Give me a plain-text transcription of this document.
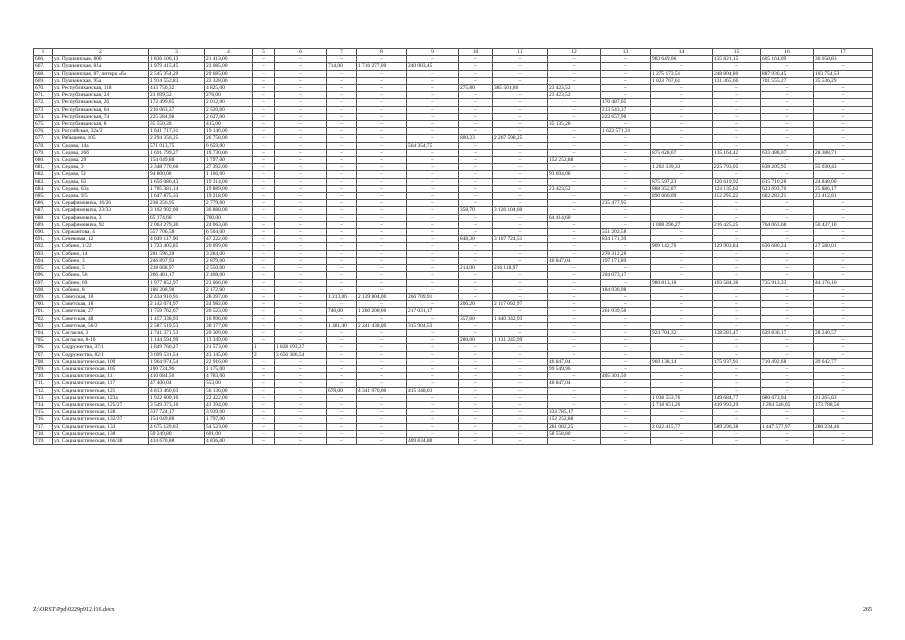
1	2	3	4	5	6	7	8	9	10	11	12	13	14	15	16	17
666.	ул. Пушкинская, 80б	1 836 106,13	21 413,00	–	–	–	–	–	–	–	–	–	983 649,06	135 821,15	605 164,09	30 058,83
667.	ул. Пушкинская, 81а	1 979 415,45	23 085,00	–	–	714,00	1 716 277,00	240 083,45	–	–	–	–	–	–	–	–
668.	ул. Пушкинская, 87, литера «б»	2 545 354,29	29 685,00	–	–	–	–	–	–	–	–	–	1 275 173,51	248 804,80	887 936,45	103 754,53
669.	ул. Пушкинская, 95а	1 914 552,83	22 328,00	–	–	–	–	–	–	–	–	–	1 023 767,61	131 365,66	701 555,27	35 536,29
670.	ул. Республиканская, 118	413 750,32	4 825,00	–	–	–	–	–	275,80	385 501,80	23 423,52	–	–	–	–	–
671.	ул. Республиканская, 24	23 699,52	276,00	–	–	–	–	–	–	–	23 423,52	–	–	–	–	–
672.	ул. Республиканская, 26	172 499,05	2 012,00	–	–	–	–	–	–	–	–	170 487,05	–	–	–	–
673.	ул. Республиканская, 64	216 063,37	2 520,00	–	–	–	–	–	–	–	–	213 543,37	–	–	–	–
674.	ул. Республиканская, 74	225 284,98	2 627,00	–	–	–	–	–	–	–	–	222 657,98	–	–	–	–
675.	ул. Республиканская, 8	35 550,28	415,00	–	–	–	–	–	–	–	35 135,28	–	–	–	–	–
676.	ул. Российская, 32а/2	1 641 717,31	19 146,00	–	–	–	–	–	–	–	–	1 622 571,31	–	–	–	–
677.	ул. Рябышева, 105	2 294 356,25	26 758,00	–	–	–	–	–	800,23	2 267 598,25	–	–	–	–	–	–
678.	ул. Седова, 14а	571 013,75	6 659,00	–	–	–	–	564 354,75	–	–	–	–	–	–	–	–
679.	ул. Седова, 26б	1 691 799,27	19 730,00	–	–	–	–	–	–	–	–	–	875 028,07	135 164,42	633 488,07	28 388,71
680.	ул. Седова, 29	154 049,88	1 797,00	–	–	–	–	–	–	–	152 252,88	–	–	–	–	–
681.	ул. Седова, 3	2 348 770,66	27 392,00	–	–	–	–	–	–	–	–	–	1 202 339,33	225 793,05	838 205,95	55 030,43
682.	ул. Седова, 51	94 800,08	1 106,00	–	–	–	–	–	–	–	93 694,08	–	–	–	–	–
683.	ул. Седова, 63	1 656 080,43	19 314,00	–	–	–	–	–	–	–	–	–	875 597,23	120 619,92	615 710,28	24 848,00
684.	ул. Седова, 63а	1 705 381,14	19 889,00	–	–	–	–	–	–	–	23 423,52	–	888 352,87	124 135,62	623 693,76	25 886,17
685.	ул. Седова, 9/5	1 647 875,33	19 218,00	–	–	–	–	–	–	–	–	–	890 666,09	112 295,22	602 283,21	23 412,81
686.	ул. Серафимовича, 16/26	238 256,95	2 779,00	–	–	–	–	–	–	–	–	235 477,95	–	–	–	–
687.	ул. Серафимовича, 23/33	3 162 992,00	36 888,00	–	–	–	–	–	358,70	3 126 104,00	–	–	–	–	–	–
688.	ул. Серафимовича, 3	65 174,68	760,00	–	–	–	–	–	–	–	64 414,68	–	–	–	–	–
689.	ул. Серафимовича, 92	2 063 279,30	24 063,00	–	–	–	–	–	–	–	–	–	1 008 290,27	216 425,25	764 063,68	50 437,10
690.	ул. Сержантова, 4	557 706,58	6 504,00	–	–	–	–	–	–	–	–	551 202,58	–	–	–	–
691.	ул. Сечевовая, 12	4 049 117,90	47 222,00	–	–	–	–	–	848,30	3 167 724,51	–	834 171,39	–	–	–	–
692.	ул. Собино, 1/22	1 723 405,85	20 099,00	–	–	–	–	–	–	–	–	–	909 142,76	129 903,84	636 680,24	27 580,01
693.	ул. Собино, 14	281 596,28	3 284,00	–	–	–	–	–	–	–	–	278 312,28	–	–	–	–
694.	ул. Собино, 3	246 897,93	2 879,00	–	–	–	–	–	–	–	46 847,04	197 171,89	–	–	–	–
695.	ул. Собино, 5	218 668,97	2 550,00	–	–	–	–	–	214,00	216 118,97	–	–	–	–	–	–
696.	ул. Собино, 56	206 481,17	2 408,00	–	–	–	–	–	–	–	–	204 073,17	–	–	–	–
697.	ул. Собино, 69	1 977 852,97	23 066,00	–	–	–	–	–	–	–	–	–	980 813,18	193 584,36	735 913,33	44 176,10
698.	ул. Собино, 8	186 208,98	2 172,00	–	–	–	–	–	–	–	–	184 036,98	–	–	–	–
699.	ул. Советская, 10	2 434 910,91	28 397,00	–	–	1 213,00	2 139 804,00	266 709,91	–	–	–	–	–	–	–	–
700.	ул. Советская, 18	2 142 074,97	24 982,00	–	–	–	–	–	206,20	2 117 092,97	–	–	–	–	–	–
701.	ул. Советская, 27	1 759 762,67	20 523,00	–	–	740,00	1 260 208,00	217 031,17	–	–	–	261 039,50	–	–	–	–
702.	ул. Советская, 48	1 457 338,93	16 996,00	–	–	–	–	–	357,60	1 440 342,93	–	–	–	–	–	–
703.	ул. Советская, 56/2	2 587 519,53	30 177,00	–	–	1 381,40	2 241 438,00	315 904,53	–	–	–	–	–	–	–	–
704.	ул. Согласия, 3	1 741 371,53	20 309,00	–	–	–	–	–	–	–	–	–	924 704,32	138 281,47	629 836,17	28 240,57
705.	ул. Согласия, 8-10	1 144 594,99	13 349,00	–	–	–	–	–	280,00	1 131 245,99	–	–	–	–	–	–
706.	ул. Содружества, 37/1	1 849 766,27	21 573,00	1	1 828 193,27	–	–	–	–	–	–	–	–	–	–	–
707.	ул. Содружества, 82/1	3 699 531,54	43 145,00	2	3 656 386,54	–	–	–	–	–	–	–	–	–	–	–
708.	ул. Социалистическая, 100	1 964 974,54	22 916,00	–	–	–	–	–	–	–	46 847,04	–	969 138,14	175 937,91	710 492,68	39 642,77
709.	ул. Социалистическая, 105	100 724,96	1 175,00	–	–	–	–	–	–	–	99 549,96	–	–	–	–	–
710.	ул. Социалистическая, 11	410 084,50	4 783,00	–	–	–	–	–	–	–	–	405 301,50	–	–	–	–
711.	ул. Социалистическая, 117	47 400,04	553,00	–	–	–	–	–	–	–	46 847,04	–	–	–	–	–
712.	ул. Социалистическая, 121	4 813 460,03	56 136,00	–	–	678,00	4 341 976,00	415 348,03	–	–	–	–	–	–	–	–
713.	ул. Социалистическая, 123а	1 922 600,10	22 422,00	–	–	–	–	–	–	–	–	–	1 038 553,76	149 684,77	680 673,94	31 265,63
714.	ул. Социалистическая, 125/27	3 549 373,16	41 394,00	–	–	–	–	–	–	–	–	–	1 718 651,26	410 993,29	1 204 546,05	173 788,56
715.	ул. Социалистическая, 128	337 724,17	3 939,00	–	–	–	–	–	–	–	333 785,17	–	–	–	–	–
716.	ул. Социалистическая, 132/37	154 049,88	1 797,00	–	–	–	–	–	–	–	152 252,88	–	–	–	–	–
717.	ул. Социалистическая, 133	4 675 129,83	54 523,00	–	–	–	–	–	–	–	281 082,25	–	2 022 415,77	589 296,38	1 447 577,97	280 234,46
718.	ул. Социалистическая, 138	59 249,80	691,00	–	–	–	–	–	–	–	58 558,80	–	–	–	–	–
719.	ул. Социалистическая, 166/38	414 670,88	4 836,00	–	–	–	–	409 834,88	–	–	–	–	–	–	–	–
Z:\ORST\Ppd\0229p912.f16.docx	265
